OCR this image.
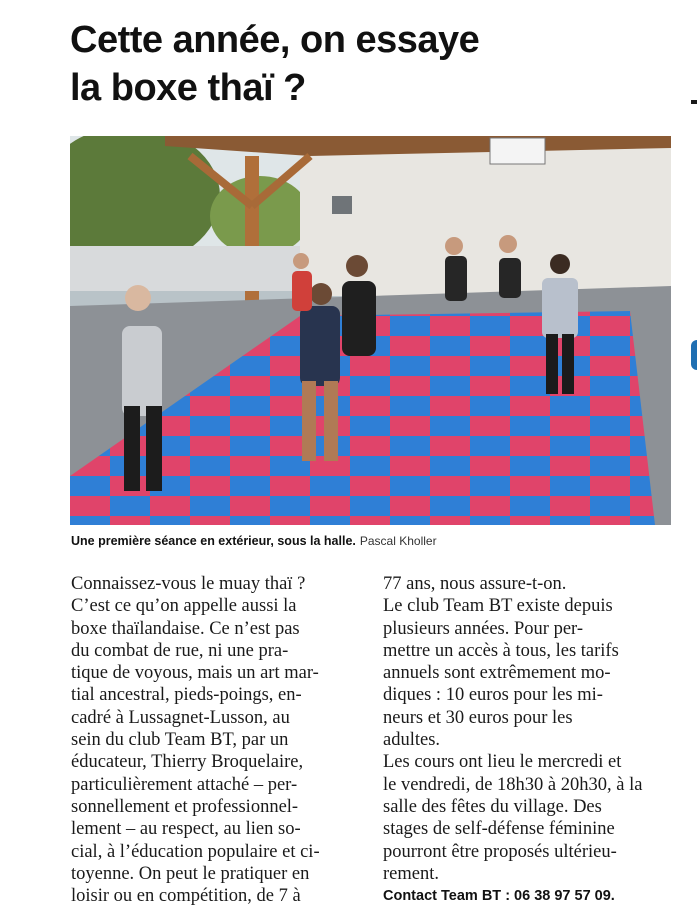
Cette année, on essaye
la boxe thaï ?
Une première séance en extérieur, sous la halle. Pascal Kholler

Connaissez-vous le muay thaï ?

C’est ce qu’on appelle aussi la

boxe thaïlandaise. Ce n’est pas

du combat de rue, ni une pra-

tique de voyous, mais un art mar-

tial ancestral, pieds-poings, en-

cadré à Lussagnet-Lusson, au

sein du club Team BT, par un

éducateur, Thierry Broquelaire,

particulièrement attaché – per-

sonnellement et professionnel-

lement – au respect, au lien so-

cial, à l’éducation populaire et ci-

toyenne. On peut le pratiquer en

loisir ou en compétition, de 7 à

77 ans, nous assure-t-on.

Le club Team BT existe depuis

plusieurs années. Pour per-

mettre un accès à tous, les tarifs

annuels sont extrêmement mo-

diques : 10 euros pour les mi-

neurs et 30 euros pour les

adultes.

Les cours ont lieu le mercredi et

le vendredi, de 18h30 à 20h30, à la

salle des fêtes du village. Des

stages de self-défense féminine

pourront être proposés ultérieu-

rement.

Contact Team BT : 06 38 97 57 09.
